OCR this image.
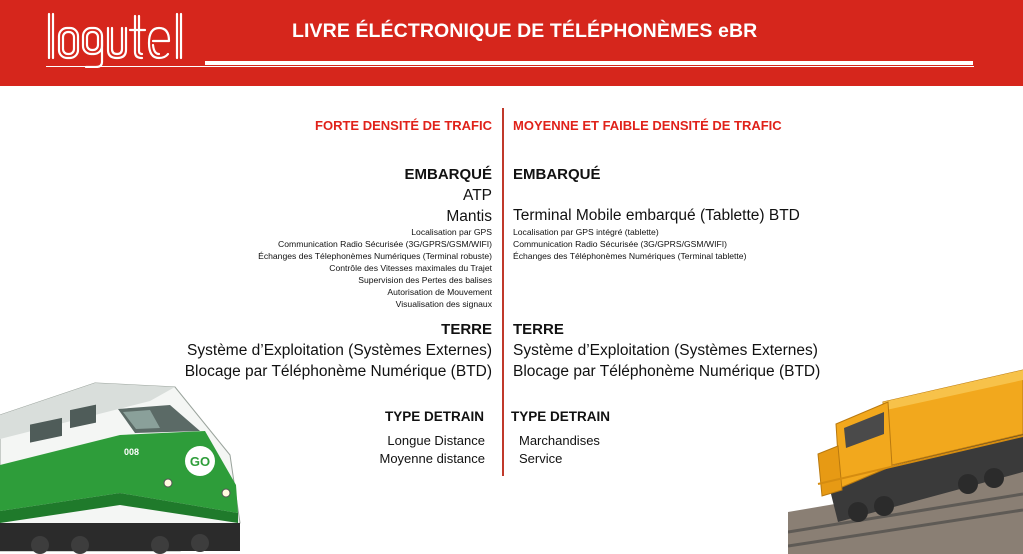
LIVRE ÉLÉCTRONIQUE DE TÉLÉPHONÈMES eBR
FORTE DENSITÉ DE TRAFIC
EMBARQUÉ
ATP
Mantis
Localisation par GPS
Communication Radio Sécurisée (3G/GPRS/GSM/WIFI)
Échanges des Télephonèmes Numériques (Terminal robuste)
Contrôle des Vitesses maximales du Trajet
Supervision des Pertes des balises
Autorisation de Mouvement
Visualisation des signaux
TERRE
Système d’Exploitation (Systèmes Externes)
Blocage par Téléphonème Numérique (BTD)
TYPE DETRAIN
Longue Distance
Moyenne distance
MOYENNE ET FAIBLE DENSITÉ DE TRAFIC
EMBARQUÉ
Terminal Mobile embarqué (Tablette) BTD
Localisation par GPS intégré (tablette)
Communication Radio Sécurisée (3G/GPRS/GSM/WIFI)
Échanges des Téléphonèmes Numériques (Terminal tablette)
TERRE
Système d’Exploitation (Systèmes Externes)
Blocage par Téléphonème Numérique (BTD)
TYPE DETRAIN
Marchandises
Service
GO
008
